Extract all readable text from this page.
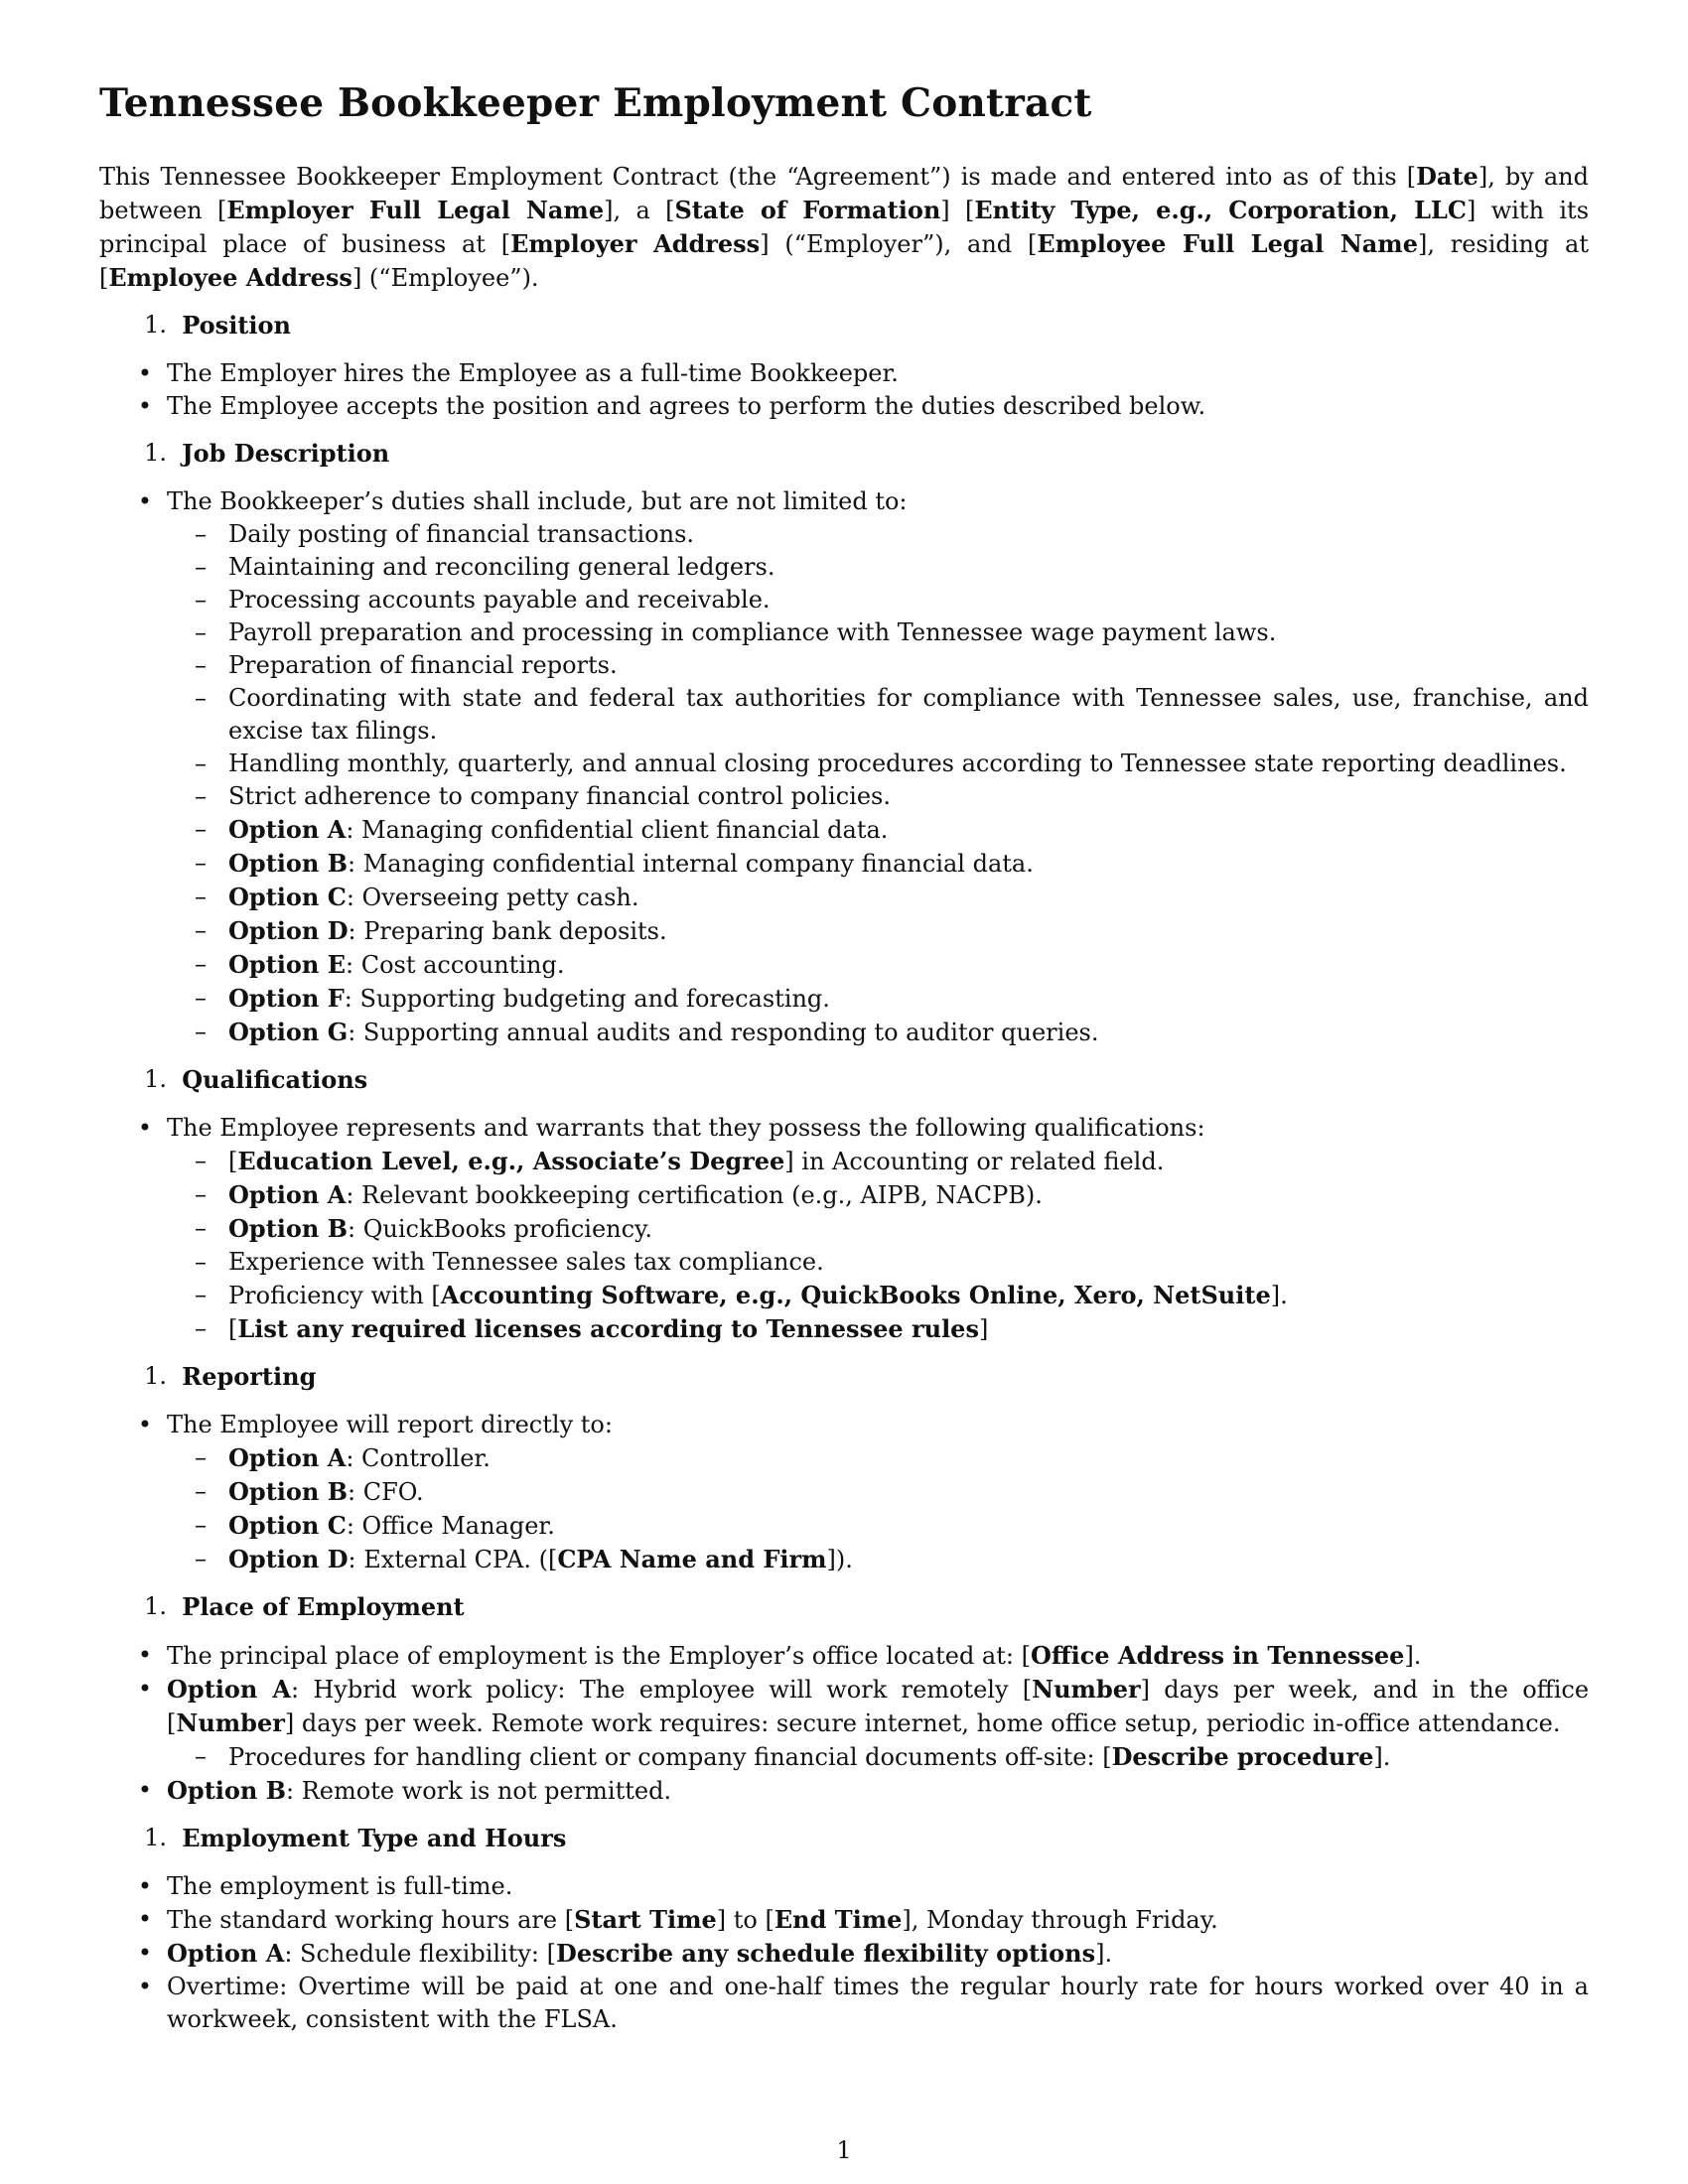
Tennessee Bookkeeper Employment Contract

This Tennessee Bookkeeper Employment Contract (the “Agreement”) is made and entered into as of this [Date], by and between [Employer Full Legal Name], a [State of Formation] [Entity Type, e.g., Corporation, LLC] with its principal place of business at [Employer Address] (“Employer”), and [Employee Full Legal Name], residing at [Employee Address] (“Employee”).

1.
Position
• The Employer hires the Employee as a full-time Bookkeeper.
• The Employee accepts the position and agrees to perform the duties described below.
1.
Job Description
• The Bookkeeper’s duties shall include, but are not limited to:
– Daily posting of financial transactions.
– Maintaining and reconciling general ledgers.
– Processing accounts payable and receivable.
– Payroll preparation and processing in compliance with Tennessee wage payment laws.
– Preparation of financial reports.
– Coordinating with state and federal tax authorities for compliance with Tennessee sales, use, franchise, and excise tax filings.
– Handling monthly, quarterly, and annual closing procedures according to Tennessee state reporting deadlines.
– Strict adherence to company financial control policies.
– Option A: Managing confidential client financial data.
– Option B: Managing confidential internal company financial data.
– Option C: Overseeing petty cash.
– Option D: Preparing bank deposits.
– Option E: Cost accounting.
– Option F: Supporting budgeting and forecasting.
– Option G: Supporting annual audits and responding to auditor queries.
1.
Qualifications
• The Employee represents and warrants that they possess the following qualifications:
– [Education Level, e.g., Associate’s Degree] in Accounting or related field.
– Option A: Relevant bookkeeping certification (e.g., AIPB, NACPB).
– Option B: QuickBooks proficiency.
– Experience with Tennessee sales tax compliance.
– Proficiency with [Accounting Software, e.g., QuickBooks Online, Xero, NetSuite].
– [List any required licenses according to Tennessee rules]
1.
Reporting
• The Employee will report directly to:
– Option A: Controller.
– Option B: CFO.
– Option C: Office Manager.
– Option D: External CPA. ([CPA Name and Firm]).
1.
Place of Employment
• The principal place of employment is the Employer’s office located at: [Office Address in Tennessee].
• Option A: Hybrid work policy: The employee will work remotely [Number] days per week, and in the office [Number] days per week. Remote work requires: secure internet, home office setup, periodic in-office attendance.
– Procedures for handling client or company financial documents off-site: [Describe procedure].
• Option B: Remote work is not permitted.
1.
Employment Type and Hours
• The employment is full-time.
• The standard working hours are [Start Time] to [End Time], Monday through Friday.
• Option A: Schedule flexibility: [Describe any schedule flexibility options].
• Overtime: Overtime will be paid at one and one-half times the regular hourly rate for hours worked over 40 in a workweek, consistent with the FLSA.
1
